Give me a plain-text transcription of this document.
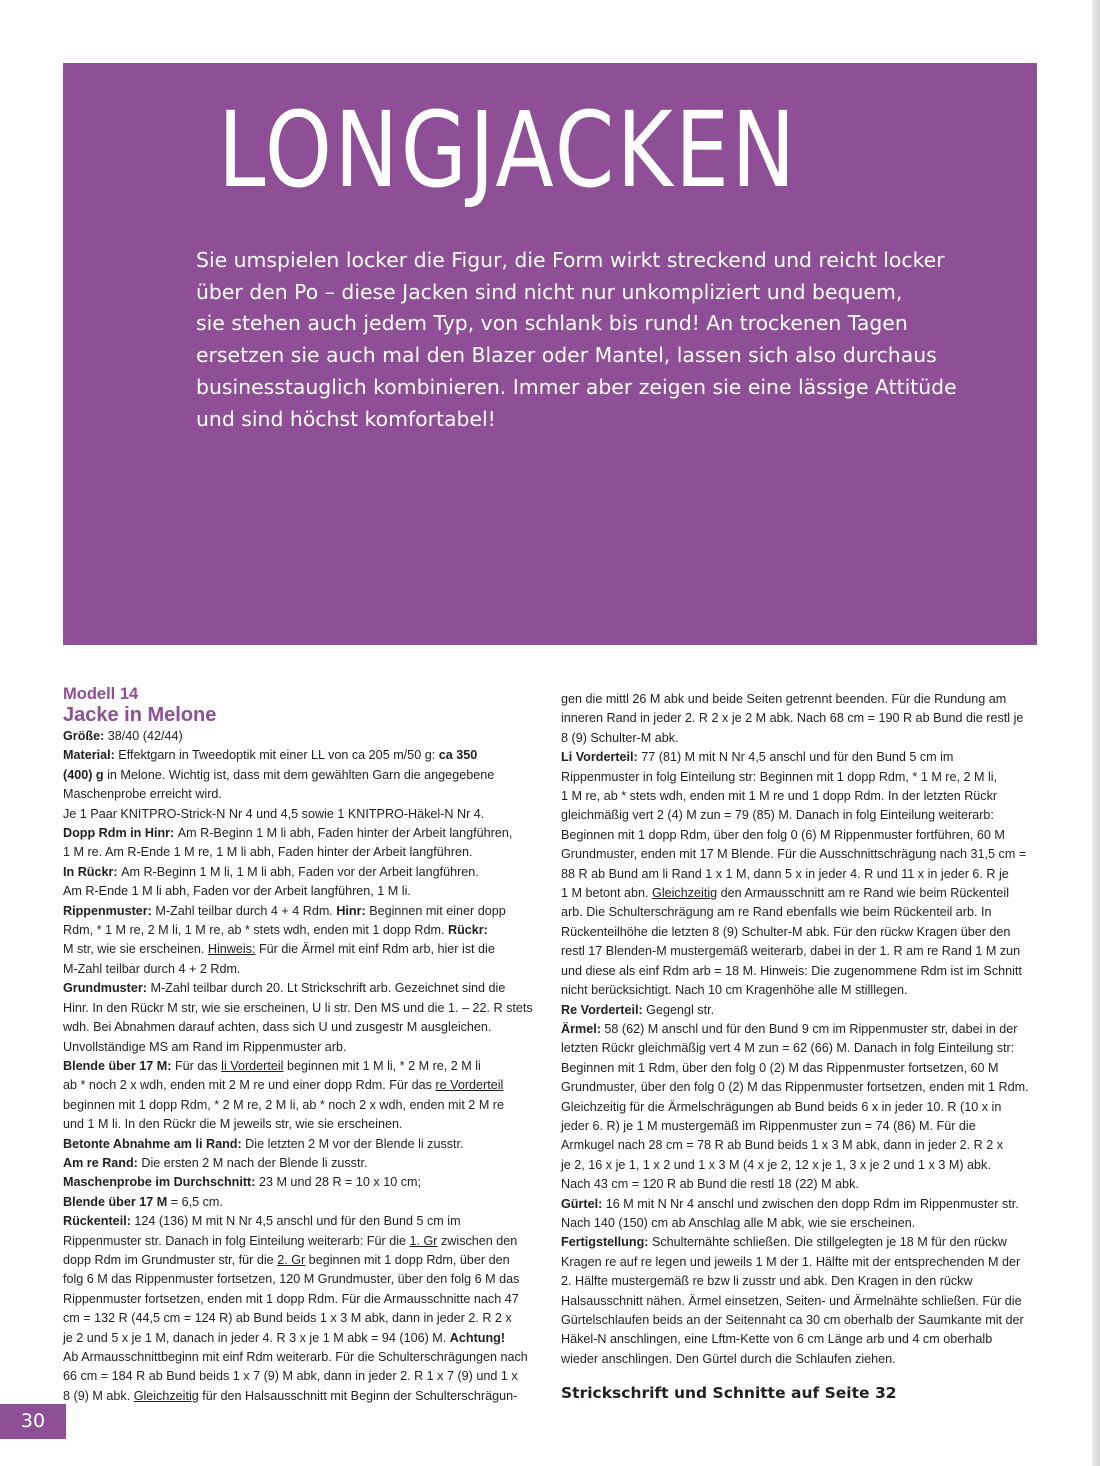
LONGJACKEN
Sie umspielen locker die Figur, die Form wirkt streckend und reicht locker
über den Po – diese Jacken sind nicht nur unkompliziert und bequem,
sie stehen auch jedem Typ, von schlank bis rund! An trockenen Tagen
ersetzen sie auch mal den Blazer oder Mantel, lassen sich also durchaus
businesstauglich kombinieren. Immer aber zeigen sie eine lässige Attitüde
und sind höchst komfortabel!

Modell 14

Jacke in Melone

Größe: 38/40 (42/44)

Material: Effektgarn in Tweedoptik mit einer LL von ca 205 m/50 g: ca 350

(400) g in Melone. Wichtig ist, dass mit dem gewählten Garn die angegebene

Maschenprobe erreicht wird.

Je 1 Paar KNITPRO-Strick-N Nr 4 und 4,5 sowie 1 KNITPRO-Häkel-N Nr 4.

Dopp Rdm in Hinr: Am R-Beginn 1 M li abh, Faden hinter der Arbeit langführen,

1 M re. Am R-Ende 1 M re, 1 M li abh, Faden hinter der Arbeit langführen.

In Rückr: Am R-Beginn 1 M li, 1 M li abh, Faden vor der Arbeit langführen.

Am R-Ende 1 M li abh, Faden vor der Arbeit langführen, 1 M li.

Rippenmuster: M-Zahl teilbar durch 4 + 4 Rdm. Hinr: Beginnen mit einer dopp

Rdm, * 1 M re, 2 M li, 1 M re, ab * stets wdh, enden mit 1 dopp Rdm. Rückr:

M str, wie sie erscheinen. Hinweis: Für die Ärmel mit einf Rdm arb, hier ist die

M-Zahl teilbar durch 4 + 2 Rdm.

Grundmuster: M-Zahl teilbar durch 20. Lt Strickschrift arb. Gezeichnet sind die

Hinr. In den Rückr M str, wie sie erscheinen, U li str. Den MS und die 1. – 22. R stets

wdh. Bei Abnahmen darauf achten, dass sich U und zusgestr M ausgleichen.

Unvollständige MS am Rand im Rippenmuster arb.

Blende über 17 M: Für das li Vorderteil beginnen mit 1 M li, * 2 M re, 2 M li

ab * noch 2 x wdh, enden mit 2 M re und einer dopp Rdm. Für das re Vorderteil

beginnen mit 1 dopp Rdm, * 2 M re, 2 M li, ab * noch 2 x wdh, enden mit 2 M re

und 1 M li. In den Rückr die M jeweils str, wie sie erscheinen.

Betonte Abnahme am li Rand: Die letzten 2 M vor der Blende li zusstr.

Am re Rand: Die ersten 2 M nach der Blende li zusstr.

Maschenprobe im Durchschnitt: 23 M und 28 R = 10 x 10 cm;

Blende über 17 M = 6,5 cm.

Rückenteil: 124 (136) M mit N Nr 4,5 anschl und für den Bund 5 cm im

Rippenmuster str. Danach in folg Einteilung weiterarb: Für die 1. Gr zwischen den

dopp Rdm im Grundmuster str, für die 2. Gr beginnen mit 1 dopp Rdm, über den

folg 6 M das Rippenmuster fortsetzen, 120 M Grundmuster, über den folg 6 M das

Rippenmuster fortsetzen, enden mit 1 dopp Rdm. Für die Armausschnitte nach 47

cm = 132 R (44,5 cm = 124 R) ab Bund beids 1 x 3 M abk, dann in jeder 2. R 2 x

je 2 und 5 x je 1 M, danach in jeder 4. R 3 x je 1 M abk = 94 (106) M. Achtung!

Ab Armausschnittbeginn mit einf Rdm weiterarb. Für die Schulterschrägungen nach

66 cm = 184 R ab Bund beids 1 x 7 (9) M abk, dann in jeder 2. R 1 x 7 (9) und 1 x

8 (9) M abk. Gleichzeitig für den Halsausschnitt mit Beginn der Schulterschrägun-

gen die mittl 26 M abk und beide Seiten getrennt beenden. Für die Rundung am

inneren Rand in jeder 2. R 2 x je 2 M abk. Nach 68 cm = 190 R ab Bund die restl je

8 (9) Schulter-M abk.

Li Vorderteil: 77 (81) M mit N Nr 4,5 anschl und für den Bund 5 cm im

Rippenmuster in folg Einteilung str: Beginnen mit 1 dopp Rdm, * 1 M re, 2 M li,

1 M re, ab * stets wdh, enden mit 1 M re und 1 dopp Rdm. In der letzten Rückr

gleichmäßig vert 2 (4) M zun = 79 (85) M. Danach in folg Einteilung weiterarb:

Beginnen mit 1 dopp Rdm, über den folg 0 (6) M Rippenmuster fortführen, 60 M

Grundmuster, enden mit 17 M Blende. Für die Ausschnittschrägung nach 31,5 cm =

88 R ab Bund am li Rand 1 x 1 M, dann 5 x in jeder 4. R und 11 x in jeder 6. R je

1 M betont abn. Gleichzeitig den Armausschnitt am re Rand wie beim Rückenteil

arb. Die Schulterschrägung am re Rand ebenfalls wie beim Rückenteil arb. In

Rückenteilhöhe die letzten 8 (9) Schulter-M abk. Für den rückw Kragen über den

restl 17 Blenden-M mustergemäß weiterarb, dabei in der 1. R am re Rand 1 M zun

und diese als einf Rdm arb = 18 M. Hinweis: Die zugenommene Rdm ist im Schnitt

nicht berücksichtigt. Nach 10 cm Kragenhöhe alle M stilllegen.

Re Vorderteil: Gegengl str.

Ärmel: 58 (62) M anschl und für den Bund 9 cm im Rippenmuster str, dabei in der

letzten Rückr gleichmäßig vert 4 M zun = 62 (66) M. Danach in folg Einteilung str:

Beginnen mit 1 Rdm, über den folg 0 (2) M das Rippenmuster fortsetzen, 60 M

Grundmuster, über den folg 0 (2) M das Rippenmuster fortsetzen, enden mit 1 Rdm.

Gleichzeitig für die Ärmelschrägungen ab Bund beids 6 x in jeder 10. R (10 x in

jeder 6. R) je 1 M mustergemäß im Rippenmuster zun = 74 (86) M. Für die

Armkugel nach 28 cm = 78 R ab Bund beids 1 x 3 M abk, dann in jeder 2. R 2 x

je 2, 16 x je 1, 1 x 2 und 1 x 3 M (4 x je 2, 12 x je 1, 3 x je 2 und 1 x 3 M) abk.

Nach 43 cm = 120 R ab Bund die restl 18 (22) M abk.

Gürtel: 16 M mit N Nr 4 anschl und zwischen den dopp Rdm im Rippenmuster str.

Nach 140 (150) cm ab Anschlag alle M abk, wie sie erscheinen.

Fertigstellung: Schulternähte schließen. Die stillgelegten je 18 M für den rückw

Kragen re auf re legen und jeweils 1 M der 1. Hälfte mit der entsprechenden M der

2. Hälfte mustergemäß re bzw li zusstr und abk. Den Kragen in den rückw

Halsausschnitt nähen. Ärmel einsetzen, Seiten- und Ärmelnähte schließen. Für die

Gürtelschlaufen beids an der Seitennaht ca 30 cm oberhalb der Saumkante mit der

Häkel-N anschlingen, eine Lftm-Kette von 6 cm Länge arb und 4 cm oberhalb

wieder anschlingen. Den Gürtel durch die Schlaufen ziehen.

Strickschrift und Schnitte auf Seite 32

30
